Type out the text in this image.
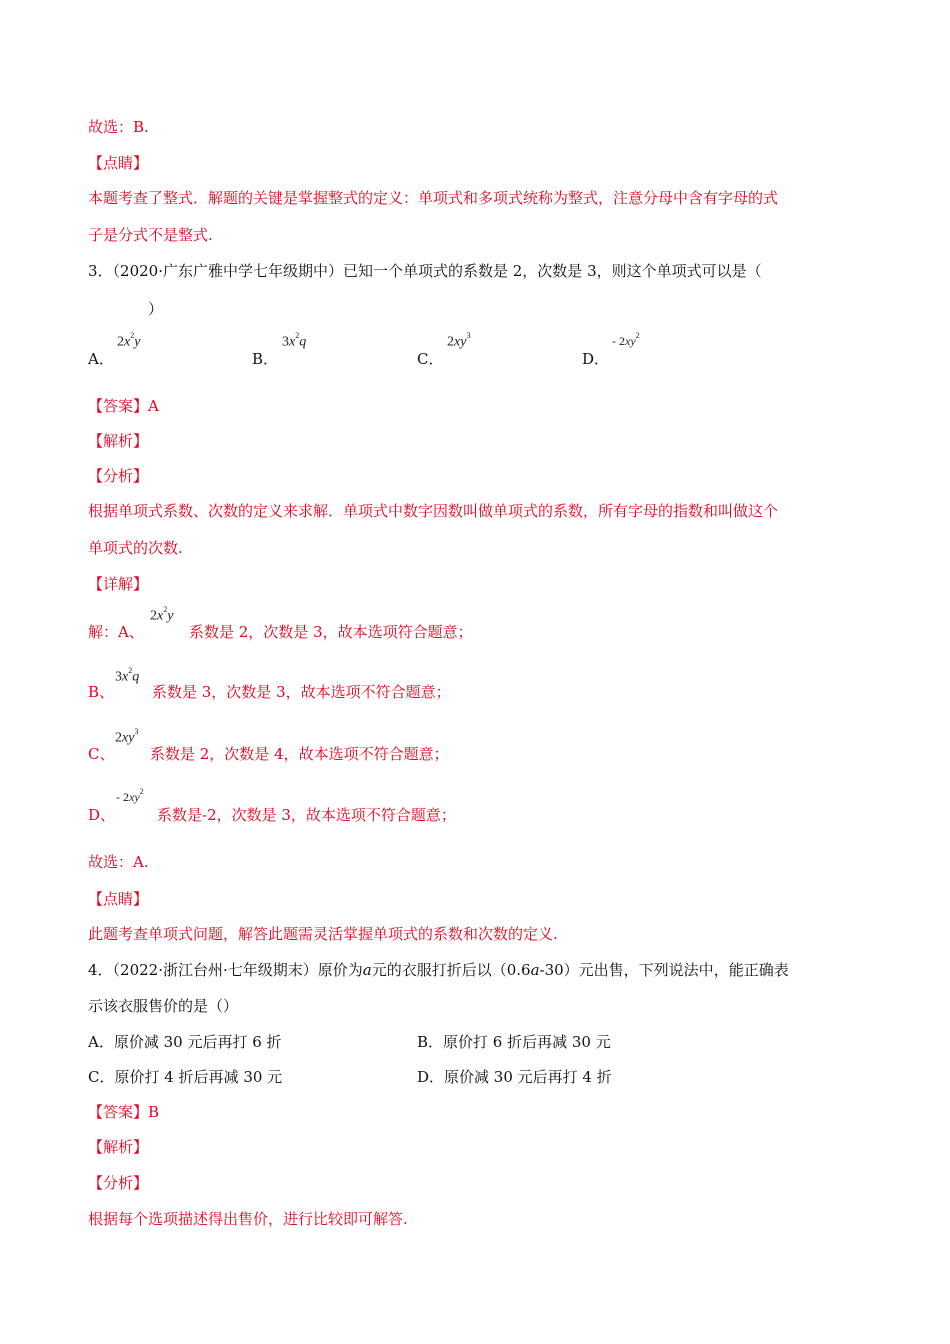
故选：B.
【点睛】
本题考查了整式．解题的关键是掌握整式的定义：单项式和多项式统称为整式，注意分母中含有字母的式
子是分式不是整式.
3．（2020·广东广雅中学七年级期中）已知一个单项式的系数是 2，次数是 3，则这个单项式可以是（
）
A．
$2x^2y$
B．
$3x^2q$
C．
$2xy^3$
D．
- $2xy^2$
【答案】A
【解析】
【分析】
根据单项式系数、次数的定义来求解．单项式中数字因数叫做单项式的系数，所有字母的指数和叫做这个
单项式的次数.
【详解】
解：A、
$2x^2y$
系数是 2，次数是 3，故本选项符合题意；
B、
$3x^2q$
系数是 3，次数是 3，故本选项不符合题意；
C、
$2xy^3$
系数是 2，次数是 4，故本选项不符合题意；
D、
- $2xy^2$
系数是-2，次数是 3，故本选项不符合题意；
故选：A.
【点睛】
此题考查单项式问题，解答此题需灵活掌握单项式的系数和次数的定义.
4．（2022·浙江台州·七年级期末）原价为a元的衣服打折后以（0.6a-30）元出售，下列说法中，能正确表
示该衣服售价的是（）
A．原价减 30 元后再打 6 折	B．原价打 6 折后再减 30 元
C．原价打 4 折后再减 30 元	D．原价减 30 元后再打 4 折
【答案】B
【解析】
【分析】
根据每个选项描述得出售价，进行比较即可解答.
